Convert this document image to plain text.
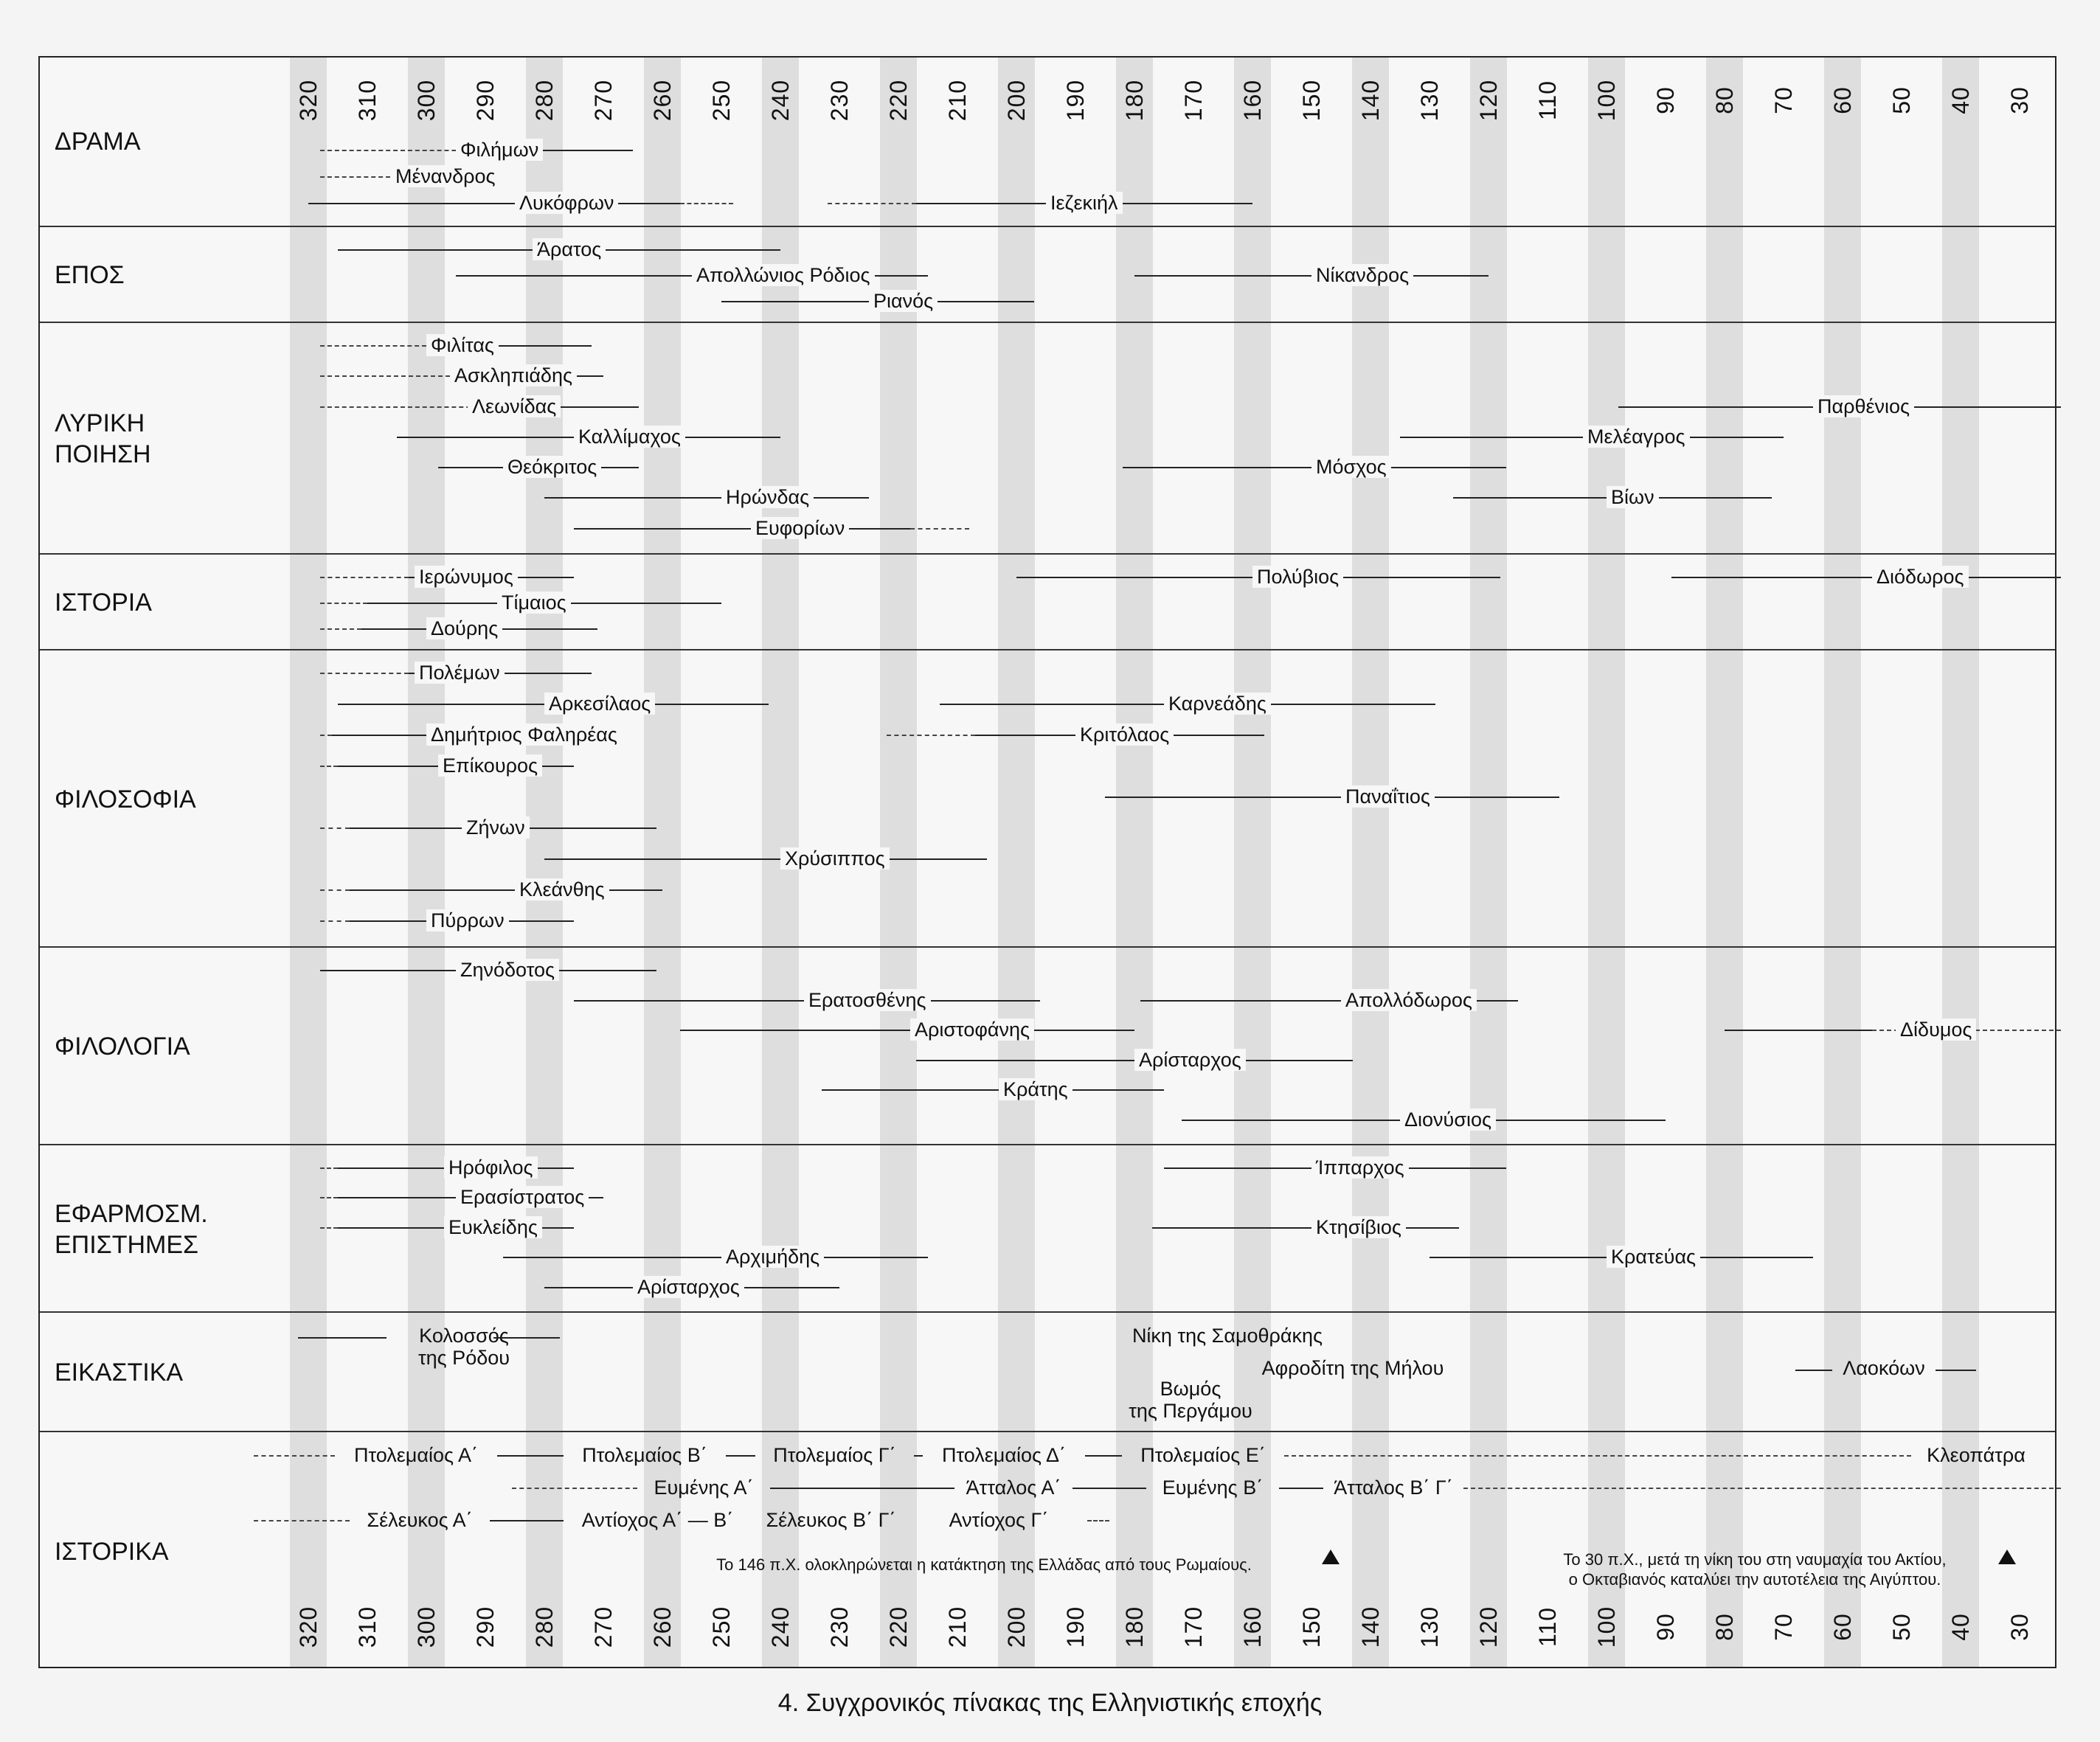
320 310 300 290 280 270 260 250 240 230 220 210 200 190 180 170 160 150 140 130 120 110 100 90 80 70 60 50 40 30
320 310 300 290 280 270 260 250 240 230 220 210 200 190 180 170 160 150 140 130 120 110 100 90 80 70 60 50 40 30
ΔΡΑΜΑ	Φιλήμων
Μένανδρος
Λυκόφρων	Ιεζεκιήλ
ΕΠΟΣ
Άρατος
Απολλώνιος Ρόδιος	Νίκανδρος
Ριανός
ΛΥΡΙΚΗ
ΠΟΙΗΣΗ
Φιλίτας
Ασκληπιάδης
Λεωνίδας	Παρθένιος
Καλλίμαχος	Μελέαγρος
Θεόκριτος	Μόσχος
Ηρώνδας	Βίων
Ευφορίων
ΙΣΤΟΡΙΑ
Ιερώνυμος	Πολύβιος	Διόδωρος
Τίμαιος
Δούρης
ΦΙΛΟΣΟΦΙΑ
Πολέμων
Αρκεσίλαος	Καρνεάδης
Δημήτριος Φαληρέας	Κριτόλαος
Επίκουρος
Παναΐτιος
Ζήνων
Χρύσιππος
Κλεάνθης
Πύρρων
ΦΙΛΟΛΟΓΙΑ
Ζηνόδοτος
Ερατοσθένης	Απολλόδωρος
Αριστοφάνης	Δίδυμος
Αρίσταρχος
Κράτης
Διονύσιος
ΕΦΑΡΜΟΣΜ.
ΕΠΙΣΤΗΜΕΣ
Ηρόφιλος	Ίππαρχος
Ερασίστρατος
Ευκλείδης	Κτησίβιος
Αρχιμήδης	Κρατεύας
Αρίσταρχος
ΕΙΚΑΣΤΙΚΑ
ΙΣΤΟΡΙΚΑ
Κολοσσός
της Ρόδου
Νίκη της Σαμοθράκης
Αφροδίτη της Μήλου
Βωμός
της Περγάμου
Λαοκόων
Πτολεμαίος Α΄	Πτολεμαίος Β΄	Πτολεμαίος Γ΄	Πτολεμαίος Δ΄	Πτολεμαίος Ε΄	Κλεοπάτρα
Ευμένης Α΄	Άτταλος Α΄	Ευμένης Β΄	Άτταλος Β΄ Γ΄
Σέλευκος Α΄	Αντίοχος Α΄ — Β΄	Σέλευκος Β΄ Γ΄	Αντίοχος Γ΄
Το 146 π.Χ. ολοκληρώνεται η κατάκτηση της Ελλάδας από τους Ρωμαίους.	Το 30 π.Χ., μετά τη νίκη του στη ναυμαχία του Ακτίου,
ο Οκταβιανός καταλύει την αυτοτέλεια της Αιγύπτου.
4. Συγχρονικός πίνακας της Ελληνιστικής εποχής
